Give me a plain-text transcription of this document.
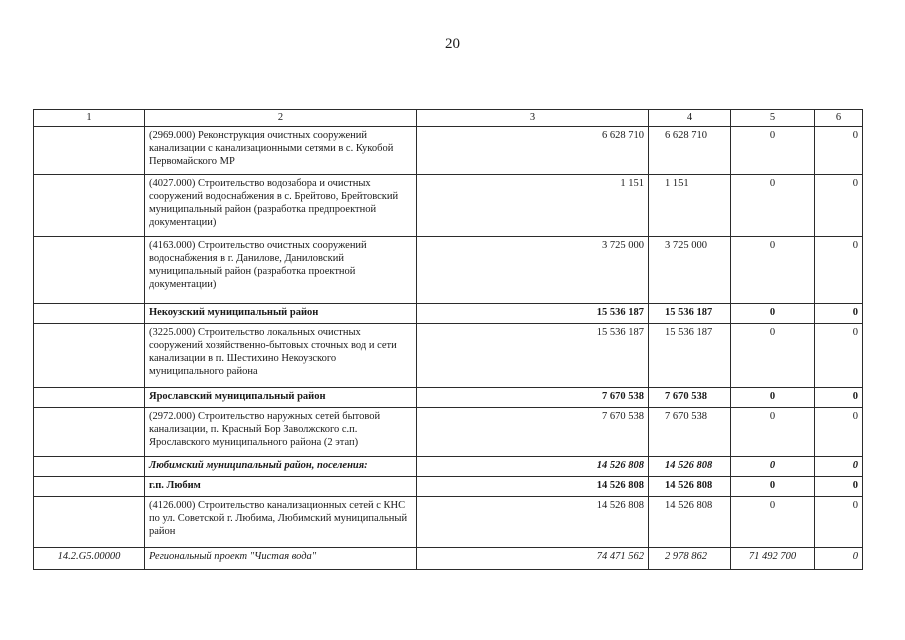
20
1	2	3	4	5	6
	(2969.000) Реконструкция очистных сооружений канализации с канализационными сетями в с. Кукобой Первомайского МР	6 628 710	6 628 710	0	0
	(4027.000) Строительство водозабора и очистных сооружений водоснабжения в с. Брейтово, Брейтовский муниципальный район (разработка предпроектной документации)	1 151	1 151	0	0
	(4163.000) Строительство очистных сооружений водоснабжения в г. Данилове, Даниловский муниципальный район (разработка проектной документации)	3 725 000	3 725 000	0	0
	Некоузский муниципальный район	15 536 187	15 536 187	0	0
	(3225.000) Строительство локальных очистных сооружений хозяйственно-бытовых сточных вод и сети канализации в п. Шестихино Некоузского муниципального района	15 536 187	15 536 187	0	0
	Ярославский муниципальный район	7 670 538	7 670 538	0	0
	(2972.000) Строительство наружных сетей бытовой канализации, п. Красный Бор Заволжского с.п. Ярославского муниципального района (2 этап)	7 670 538	7 670 538	0	0
	Любимский муниципальный район, поселения:	14 526 808	14 526 808	0	0
	г.п. Любим	14 526 808	14 526 808	0	0
	(4126.000) Строительство канализационных сетей с КНС по ул. Советской г. Любима, Любимский муниципальный район	14 526 808	14 526 808	0	0
14.2.G5.00000	Региональный проект "Чистая вода"	74 471 562	2 978 862	71 492 700	0
